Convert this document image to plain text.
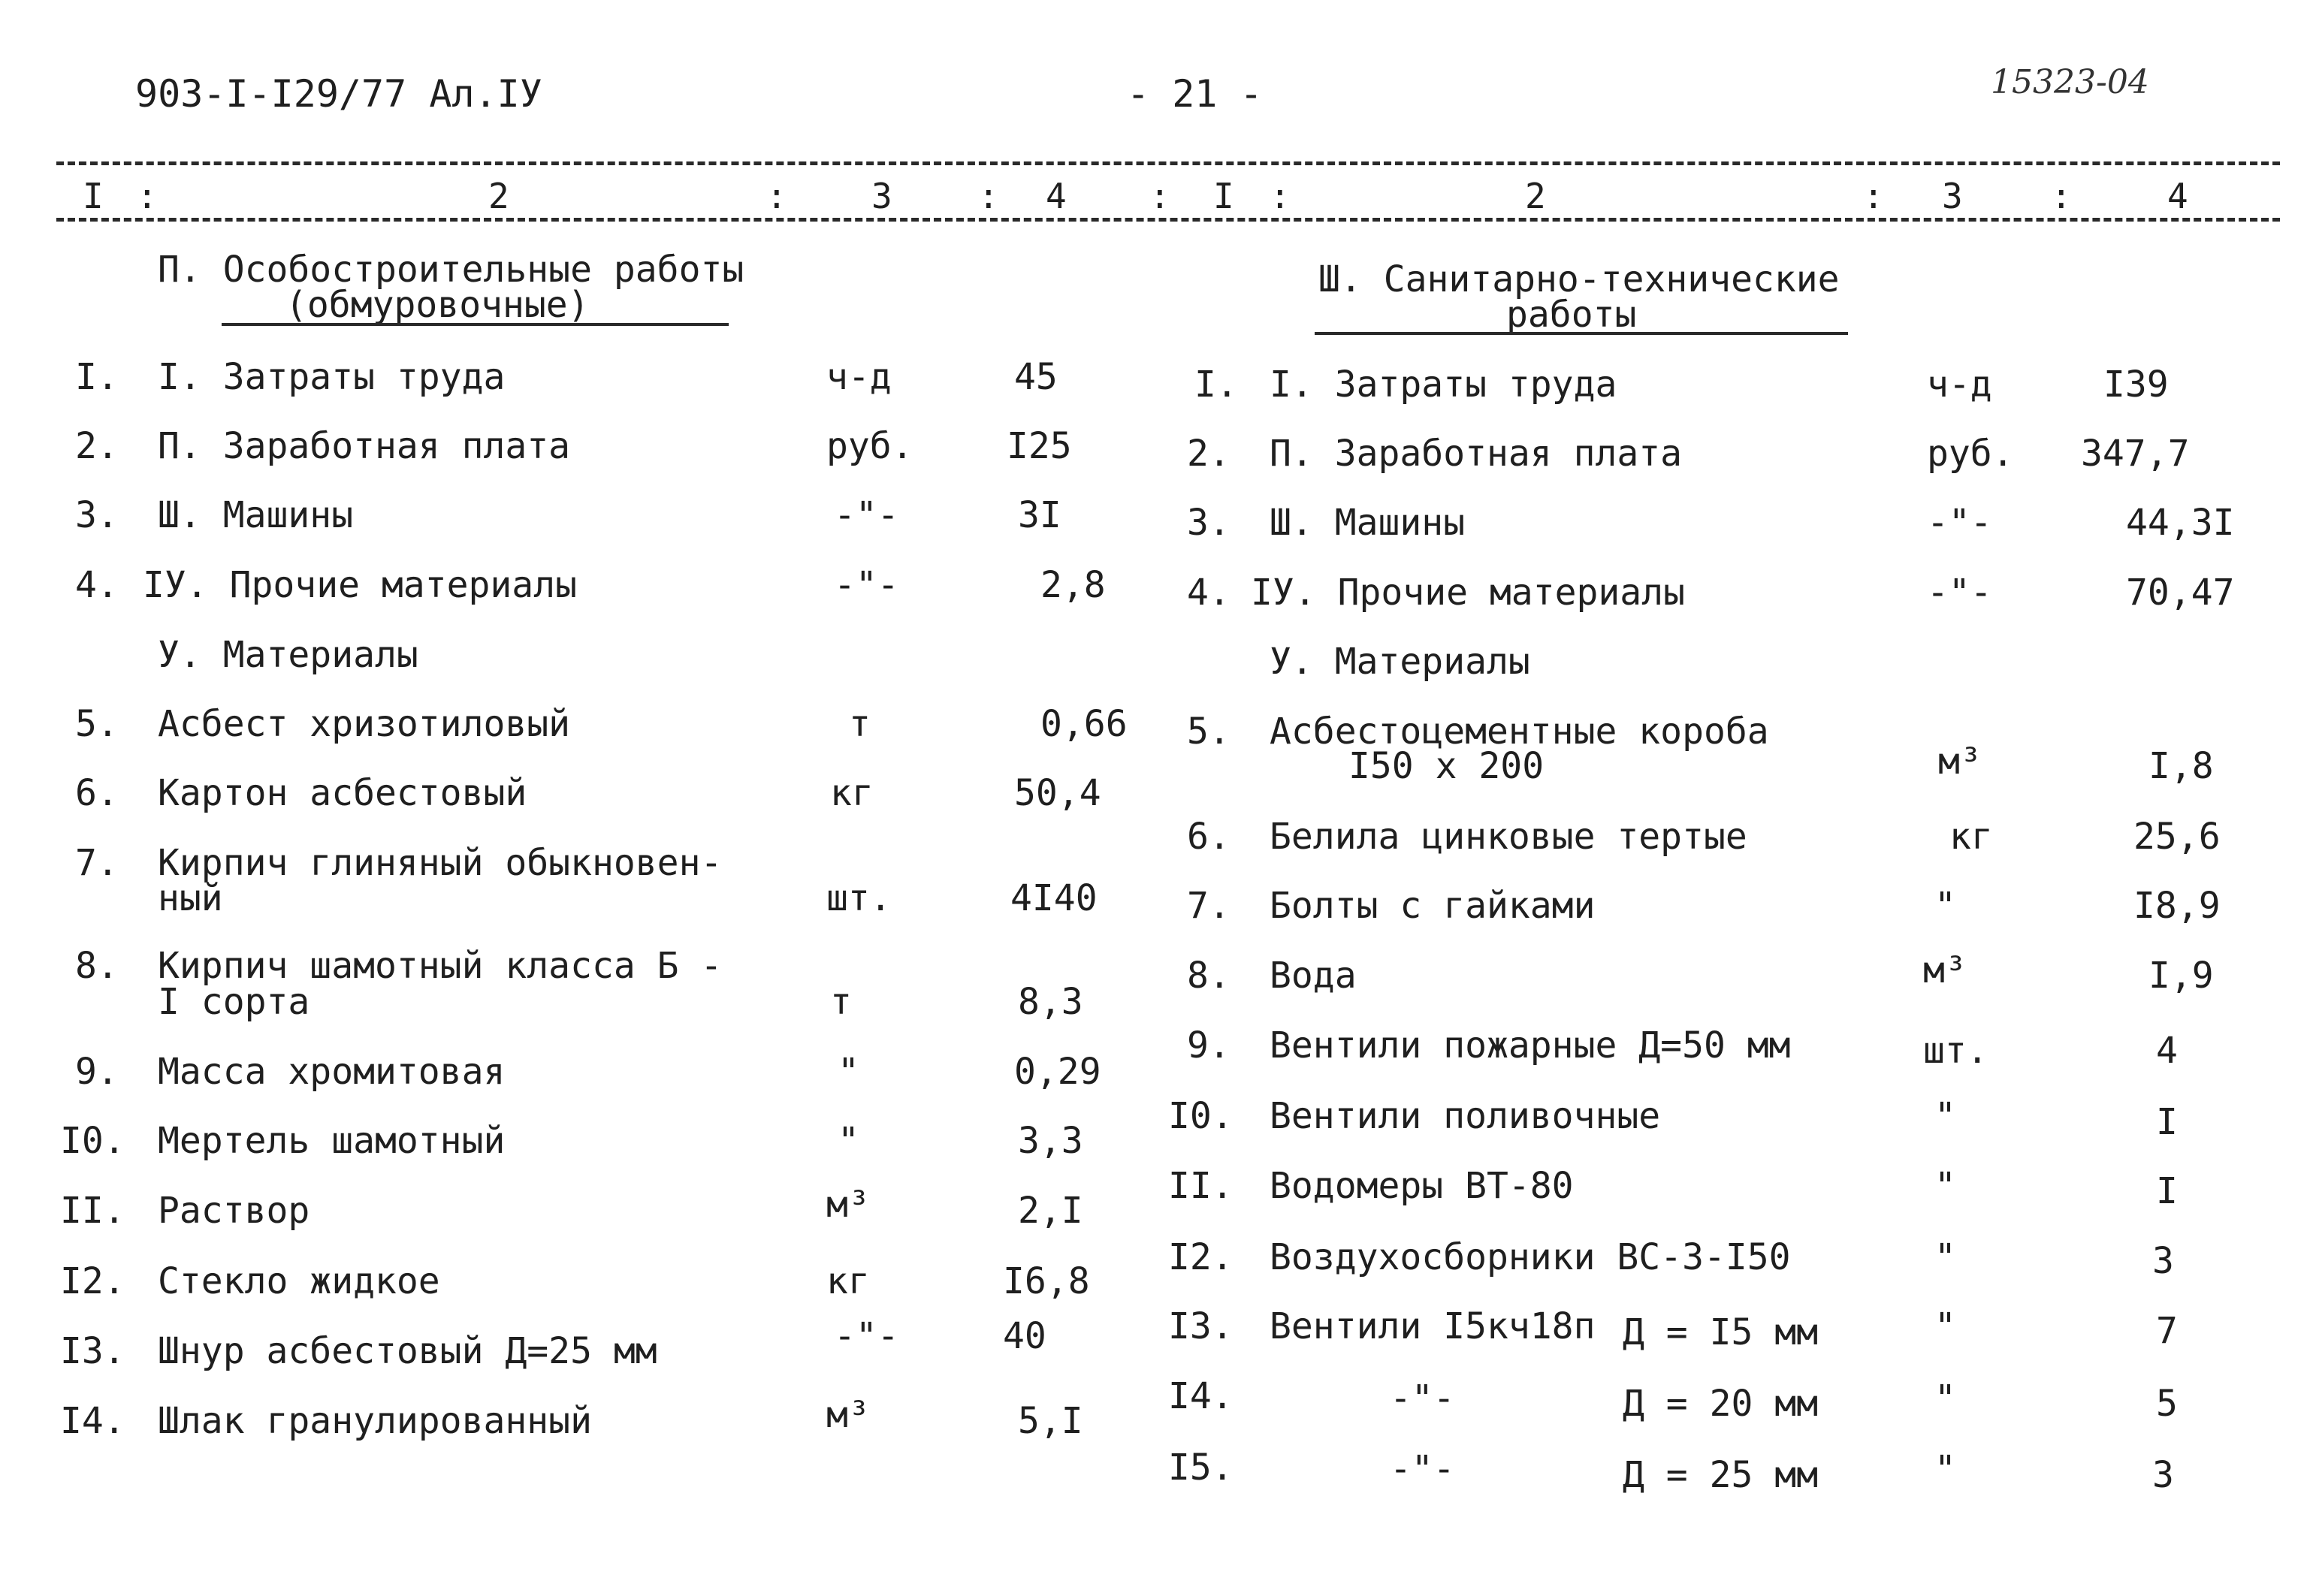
903-I-I29/77 Ал.IУ	- 21 -	15323-04
I :	2	: 3 : 4 : I :	2	: 3	:	4
П. Особостроительные работы
(обмуровочные)
I. I. Затраты труда	ч-д	45
2. П. Заработная плата	руб.	I25
3. Ш. Машины	-"-	3I
4. IУ. Прочие материалы	-"-	2,8
У. Материалы
5. Асбест хризотиловый	т	0,66
6. Картон асбестовый	кг	50,4
7. Кирпич глиняный обыкновен-
ный	шт.	4I40
8. Кирпич шамотный класса Б -
I сорта	т	8,3
9. Масса хромитовая	"	0,29
I0. Мертель шамотный	"	3,3
II. Раствор	м³	2,I
I2. Стекло жидкое	кг	I6,8
I3. Шнур асбестовый Д=25 мм	-"-	40
I4. Шлак гранулированный	м³	5,I
Ш. Санитарно-технические
работы
I. I. Затраты труда	ч-д	I39
2. П. Заработная плата	руб. 347,7
3. Ш. Машины	-"-	44,3I
4. IУ. Прочие материалы	-"-	70,47
У. Материалы
5. Асбестоцементные короба
I50 x 200	м³	I,8
6. Белила цинковые тертые	кг	25,6
7. Болты с гайками	"	I8,9
8. Вода	м³	I,9
9. Вентили пожарные Д=50 мм	шт.	4
I0. Вентили поливочные	"	I
II. Водомеры ВТ-80	"	I
I2. Воздухосборники ВС-3-I50	"	3
I3. Вентили I5кч18п Д = I5 мм	"	7
I4.	-"-	Д = 20 мм	"	5
I5.	-"-	Д = 25 мм	"	3
